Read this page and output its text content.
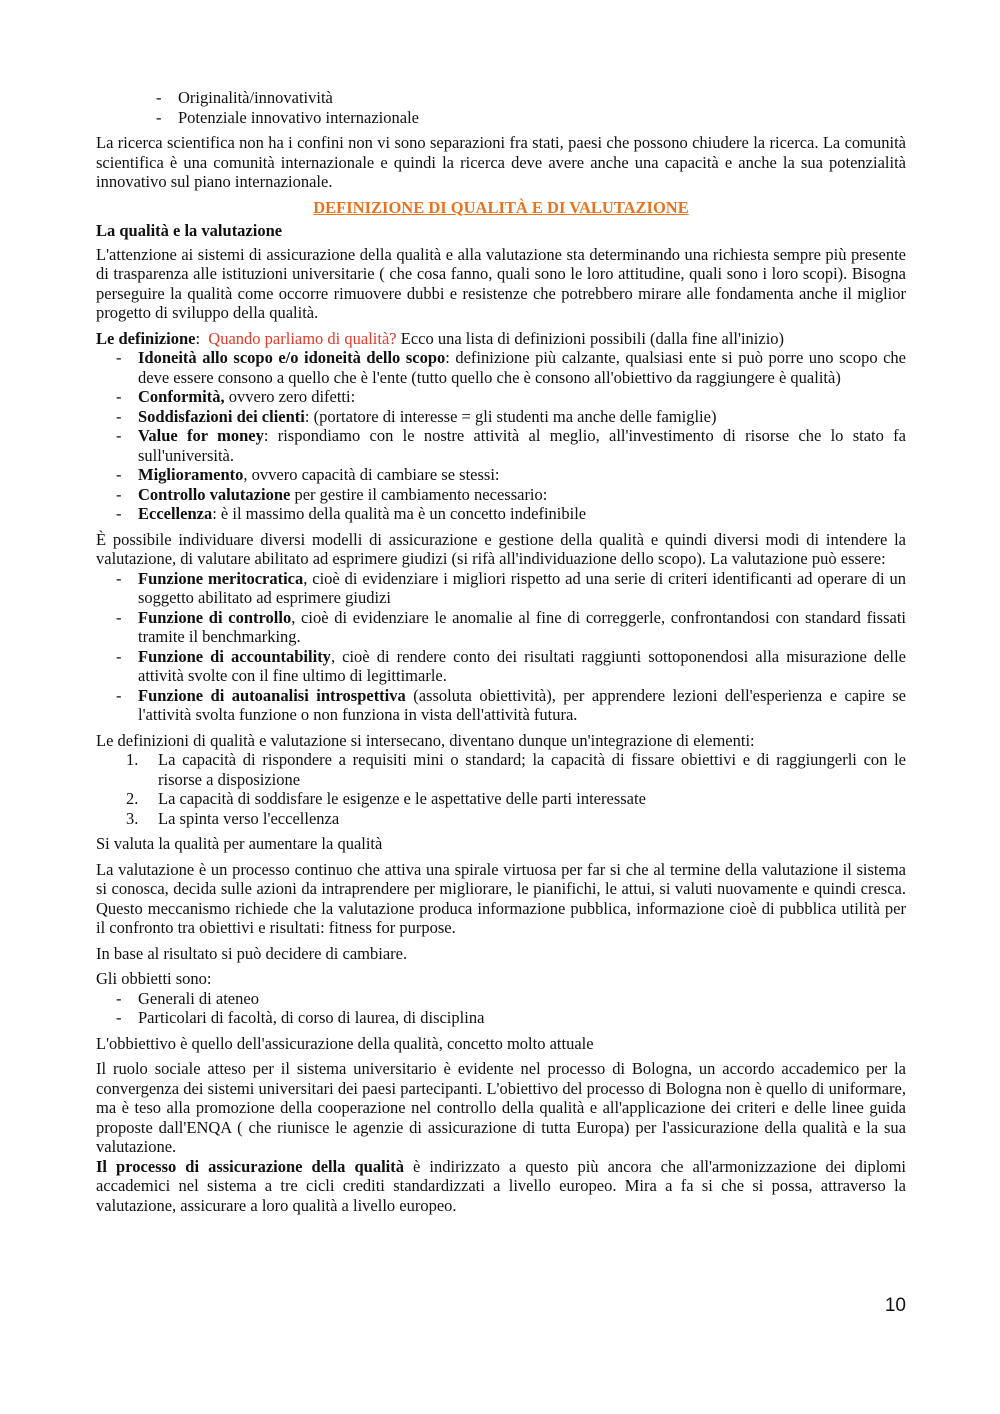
- Originalità/innovatività
- Potenziale innovativo internazionale

La ricerca scientifica non ha i confini non vi sono separazioni fra stati, paesi che possono chiudere la ricerca. La comunità scientifica è una comunità internazionale e quindi la ricerca deve avere anche una capacità e anche la sua potenzialità innovativo sul piano internazionale.

DEFINIZIONE DI QUALITÀ E DI VALUTAZIONE
La qualità e la valutazione

L'attenzione ai sistemi di assicurazione della qualità e alla valutazione sta determinando una richiesta sempre più presente di trasparenza alle istituzioni universitarie ( che cosa fanno, quali sono le loro attitudine, quali sono i loro scopi). Bisogna perseguire la qualità come occorre rimuovere dubbi e resistenze che potrebbero mirare alle fondamenta anche il miglior progetto di sviluppo della qualità.

Le definizione: Quando parliamo di qualità? Ecco una lista di definizioni possibili (dalla fine all'inizio)

- Idoneità allo scopo e/o idoneità dello scopo: definizione più calzante, qualsiasi ente si può porre uno scopo che deve essere consono a quello che è l'ente (tutto quello che è consono all'obiettivo da raggiungere è qualità)
- Conformità, ovvero zero difetti:
- Soddisfazioni dei clienti: (portatore di interesse = gli studenti ma anche delle famiglie)
- Value for money: rispondiamo con le nostre attività al meglio, all'investimento di risorse che lo stato fa sull'università.
- Miglioramento, ovvero capacità di cambiare se stessi:
- Controllo valutazione per gestire il cambiamento necessario:
- Eccellenza: è il massimo della qualità ma è un concetto indefinibile

È possibile individuare diversi modelli di assicurazione e gestione della qualità e quindi diversi modi di intendere la valutazione, di valutare abilitato ad esprimere giudizi (si rifà all'individuazione dello scopo). La valutazione può essere:

- Funzione meritocratica, cioè di evidenziare i migliori rispetto ad una serie di criteri identificanti ad operare di un soggetto abilitato ad esprimere giudizi
- Funzione di controllo, cioè di evidenziare le anomalie al fine di correggerle, confrontandosi con standard fissati tramite il benchmarking.
- Funzione di accountability, cioè di rendere conto dei risultati raggiunti sottoponendosi alla misurazione delle attività svolte con il fine ultimo di legittimarle.
- Funzione di autoanalisi introspettiva (assoluta obiettività), per apprendere lezioni dell'esperienza e capire se l'attività svolta funzione o non funziona in vista dell'attività futura.

Le definizioni di qualità e valutazione si intersecano, diventano dunque un'integrazione di elementi:

1. La capacità di rispondere a requisiti mini o standard; la capacità di fissare obiettivi e di raggiungerli con le risorse a disposizione
2. La capacità di soddisfare le esigenze e le aspettative delle parti interessate
3. La spinta verso l'eccellenza

Si valuta la qualità per aumentare la qualità

La valutazione è un processo continuo che attiva una spirale virtuosa per far si che al termine della valutazione il sistema si conosca, decida sulle azioni da intraprendere per migliorare, le pianifichi, le attui, si valuti nuovamente e quindi cresca. Questo meccanismo richiede che la valutazione produca informazione pubblica, informazione cioè di pubblica utilità per il confronto tra obiettivi e risultati: fitness for purpose.

In base al risultato si può decidere di cambiare.

Gli obbietti sono:

- Generali di ateneo
- Particolari di facoltà, di corso di laurea, di disciplina

L'obbiettivo è quello dell'assicurazione della qualità, concetto molto attuale

Il ruolo sociale atteso per il sistema universitario è evidente nel processo di Bologna, un accordo accademico per la convergenza dei sistemi universitari dei paesi partecipanti. L'obiettivo del processo di Bologna non è quello di uniformare, ma è teso alla promozione della cooperazione nel controllo della qualità e all'applicazione dei criteri e delle linee guida proposte dall'ENQA ( che riunisce le agenzie di assicurazione di tutta Europa) per l'assicurazione della qualità e la sua valutazione.

Il processo di assicurazione della qualità è indirizzato a questo più ancora che all'armonizzazione dei diplomi accademici nel sistema a tre cicli crediti standardizzati a livello europeo. Mira a fa si che si possa, attraverso la valutazione, assicurare a loro qualità a livello europeo.

10
